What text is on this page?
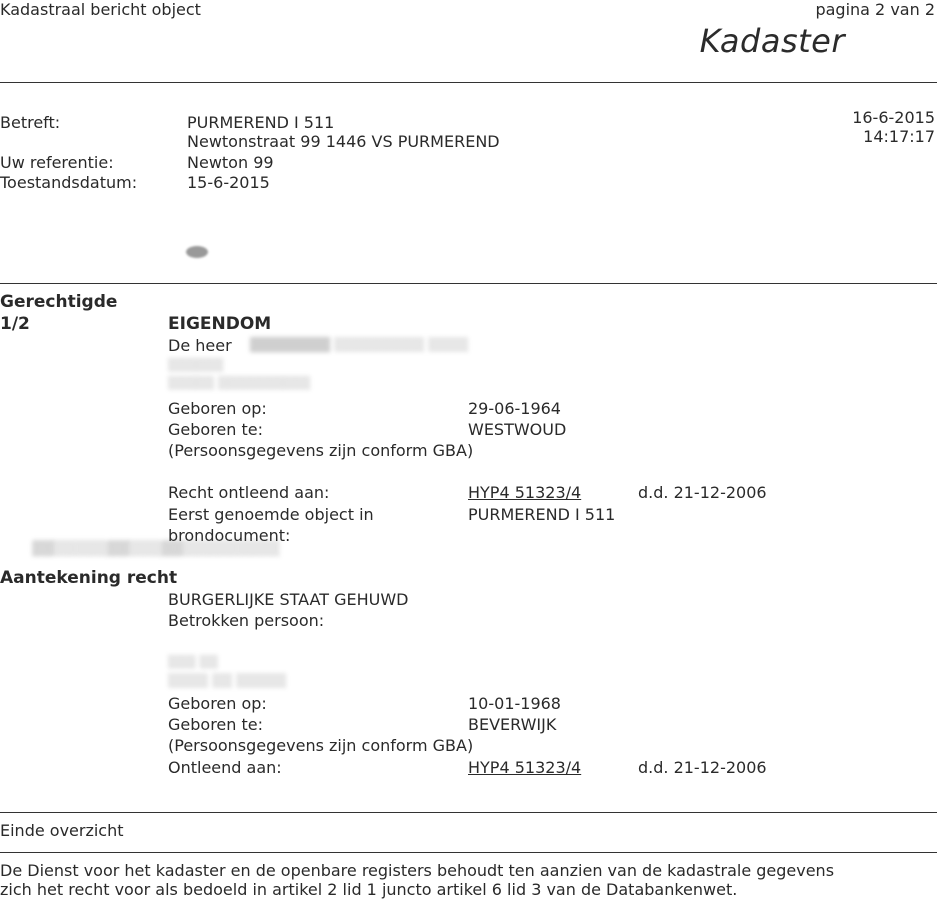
Kadastraal bericht object	pagina 2 van 2
Kadaster
Betreft:	PURMEREND I 511
Newtonstraat 99 1446 VS PURMEREND
16-6-2015
14:17:17
Uw referentie:	Newton 99
Toestandsdatum:	15-6-2015
Gerechtigde
1/2	EIGENDOM
De heer ████████ ▒▒▒▒▒▒▒▒▒ ▒▒▒▒
▒▒▒▒▒▒
▒▒▒▒▒ ▒▒▒▒▒▒▒▒▒▒
Geboren op:	29-06-1964
Geboren te:	WESTWOUD
(Persoonsgegevens zijn conform GBA)
Recht ontleend aan:	HYP4 51323/4	d.d. 21-12-2006
Eerst genoemde object in	PURMEREND I 511
brondocument:
▓▓▒▒▒▒▒▓▓▒▒▒▓▓▒▒▒▒▒▒▒▒▒
Aantekening recht
BURGERLIJKE STAAT GEHUWD
Betrokken persoon:
▒▒▒ ▒▒
▒▒▒▒ ▒▒ ▒▒▒▒▒
Geboren op:	10-01-1968
Geboren te:	BEVERWIJK
(Persoonsgegevens zijn conform GBA)
Ontleend aan:	HYP4 51323/4	d.d. 21-12-2006
Einde overzicht
De Dienst voor het kadaster en de openbare registers behoudt ten aanzien van de kadastrale gegevens
zich het recht voor als bedoeld in artikel 2 lid 1 juncto artikel 6 lid 3 van de Databankenwet.
